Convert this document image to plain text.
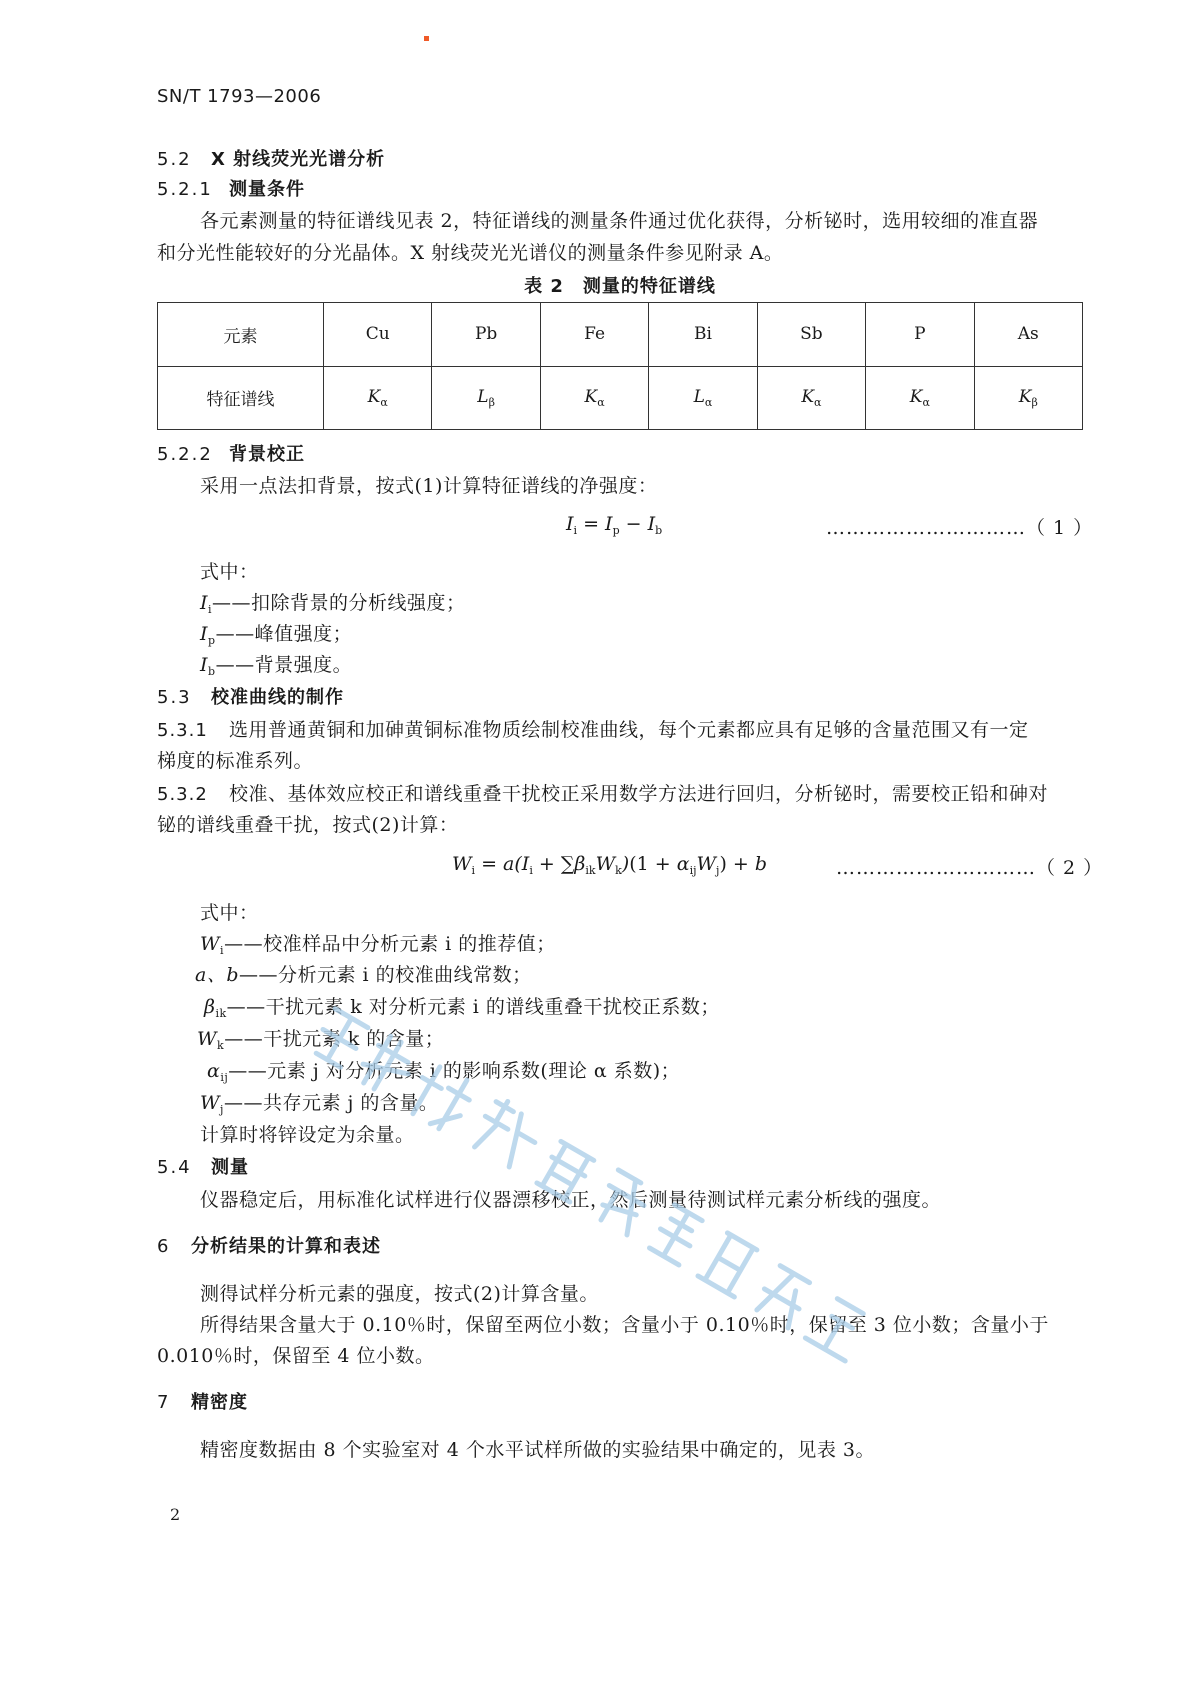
SN/T 1793—2006
5.2 X 射线荧光光谱分析
5.2.1 测量条件
各元素测量的特征谱线见表 2，特征谱线的测量条件通过优化获得，分析铋时，选用较细的准直器
和分光性能较好的分光晶体。X 射线荧光光谱仪的测量条件参见附录 A。
表 2　测量的特征谱线
元素	Cu	Pb	Fe	Bi	Sb	P	As
特征谱线	$K_\alpha$	$L_\beta$	$K_\alpha$	$L_\alpha$	$K_\alpha$	$K_\alpha$	$K_\beta$
5.2.2 背景校正
采用一点法扣背景，按式(1)计算特征谱线的净强度：
$I_i = I_p - I_b$	…………………………（ 1 ）
式中：
$I_i——$扣除背景的分析线强度；
$I_p——$峰值强度；
$I_b——$背景强度。
5.3 校准曲线的制作
5.3.1 选用普通黄铜和加砷黄铜标准物质绘制校准曲线，每个元素都应具有足够的含量范围又有一定
梯度的标准系列。
5.3.2 校准、基体效应校正和谱线重叠干扰校正采用数学方法进行回归，分析铋时，需要校正铅和砷对
铋的谱线重叠干扰，按式(2)计算：
$W_i = a(I_i + \sum\beta_{ik}W_k)(1 + \alpha_{ij}W_j) + b$	…………………………（ 2 ）
式中：
$W_i——$校准样品中分析元素 i 的推荐值；
a、b——分析元素 i 的校准曲线常数；
$\beta_{ik}——$干扰元素 k 对分析元素 i 的谱线重叠干扰校正系数；
$W_k——$干扰元素 k 的含量；
$\alpha_{ij}——$元素 j 对分析元素 i 的影响系数(理论 α 系数)；
$W_j——$共存元素 j 的含量。
计算时将锌设定为余量。
5.4 测量
仪器稳定后，用标准化试样进行仪器漂移校正，然后测量待测试样元素分析线的强度。
6 分析结果的计算和表述
测得试样分析元素的强度，按式(2)计算含量。
所得结果含量大于 0.10％时，保留至两位小数；含量小于 0.10％时，保留至 3 位小数；含量小于
0.010％时，保留至 4 位小数。
7 精密度
精密度数据由 8 个实验室对 4 个水平试样所做的实验结果中确定的，见表 3。
2
